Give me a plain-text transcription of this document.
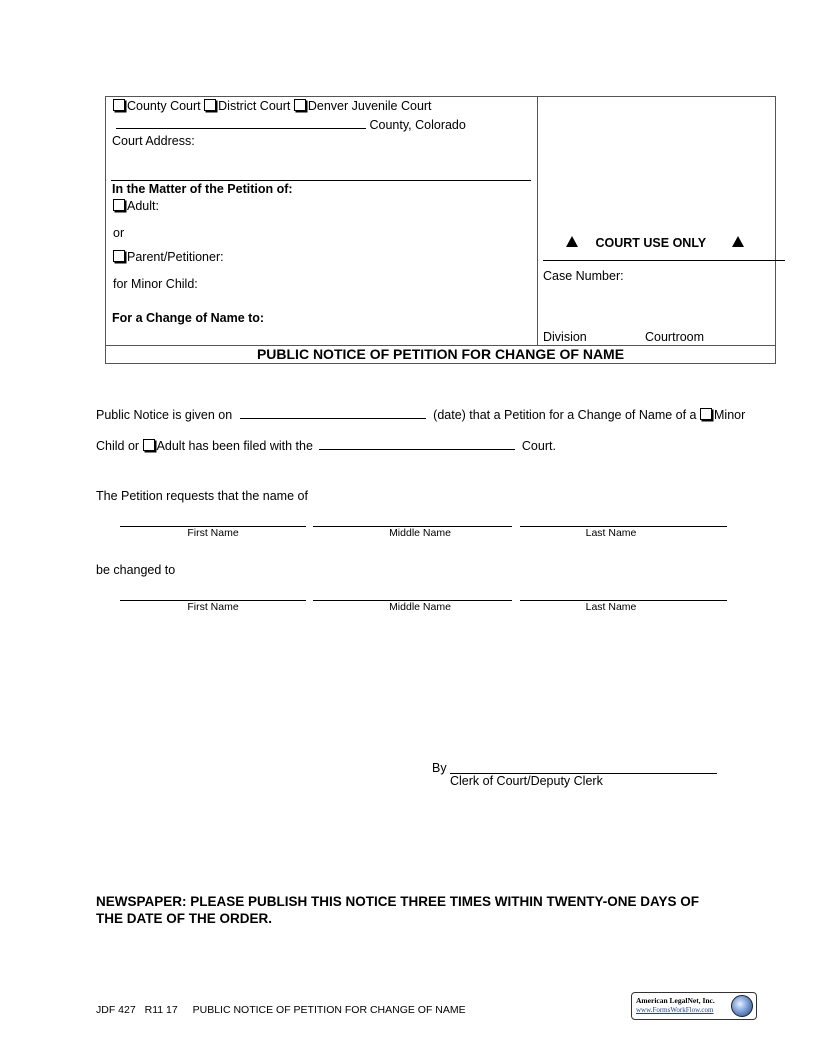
County Court District Court Denver Juvenile Court
County, Colorado
Court Address:
In the Matter of the Petition of:
Adult:
or
Parent/Petitioner:
for Minor Child:
For a Change of Name to:
COURT USE ONLY
Case Number:
Division	Courtroom
PUBLIC NOTICE OF PETITION FOR CHANGE OF NAME
Public Notice is given on	(date) that a Petition for a Change of Name of a Minor
Child or Adult has been filed with the	Court.
The Petition requests that the name of
First Name	Middle Name	Last Name
be changed to
First Name	Middle Name	Last Name
By
Clerk of Court/Deputy Clerk
NEWSPAPER: PLEASE PUBLISH THIS NOTICE THREE TIMES WITHIN TWENTY-ONE DAYS OF
THE DATE OF THE ORDER.
JDF 427 R11 17 PUBLIC NOTICE OF PETITION FOR CHANGE OF NAME
American LegalNet, Inc.
www.FormsWorkFlow.com
